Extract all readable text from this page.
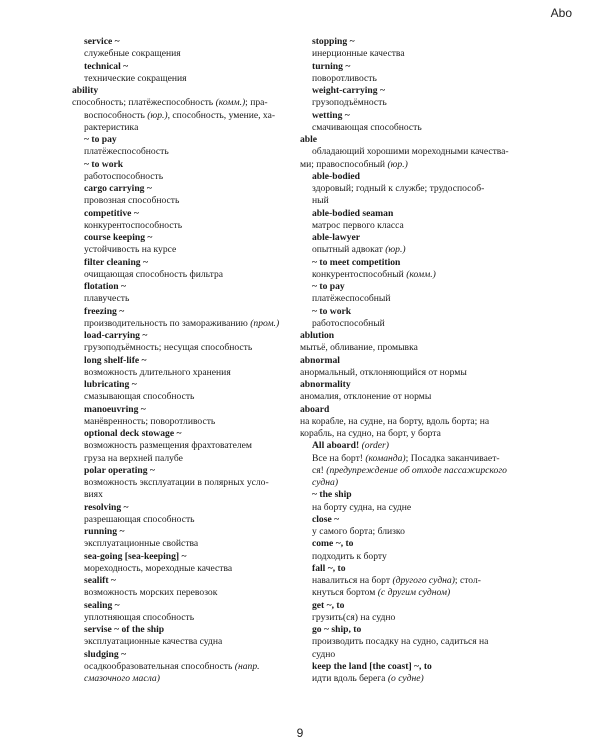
Abo

service ~

служебные сокращения

technical ~

технические сокращения

ability

способность; платёжеспособность (комм.); пра-

воспособность (юр.), способность, умение, ха-

рактеристика

~ to pay

платёжеспособность

~ to work

работоспособность

cargo carrying ~

провозная способность

competitive ~

конкурентоспособность

course keeping ~

устойчивость на курсе

filter cleaning ~

очищающая способность фильтра

flotation ~

плавучесть

freezing ~

производительность по замораживанию (пром.)

load-carrying ~

грузоподъёмность; несущая способность

long shelf-life ~

возможность длительного хранения

lubricating ~

смазывающая способность

manoeuvring ~

манёвренность; поворотливость

optional deck stowage ~

возможность размещения фрахтователем

груза на верхней палубе

polar operating ~

возможность эксплуатации в полярных усло-

виях

resolving ~

разрешающая способность

running ~

эксплуатационные свойства

sea-going [sea-keeping] ~

мореходность, мореходные качества

sealift ~

возможность морских перевозок

sealing ~

уплотняющая способность

servise ~ of the ship

эксплуатационные качества судна

sludging ~

осадкообразовательная способность (напр.

смазочного масла)

stopping ~

инерционные качества

turning ~

поворотливость

weight-carrying ~

грузоподъёмность

wetting ~

смачивающая способность

able

обладающий хорошими мореходными качества-

ми; правоспособный (юр.)

able-bodied

здоровый; годный к службе; трудоспособ-

ный

able-bodied seaman

матрос первого класса

able-lawyer

опытный адвокат (юр.)

~ to meet competition

конкурентоспособный (комм.)

~ to pay

платёжеспособный

~ to work

работоспособный

ablution

мытьё, обливание, промывка

abnormal

анормальный, отклоняющийся от нормы

abnormality

аномалия, отклонение от нормы

aboard

на корабле, на судне, на борту, вдоль борта; на

корабль, на судно, на борт, у борта

All aboard! (order)

Все на борт! (команда); Посадка заканчивает-

ся! (предупреждение об отходе пассажирского

судна)

~ the ship

на борту судна, на судне

close ~

у самого борта; близко

come ~, to

подходить к борту

fall ~, to

навалиться на борт (другого судна); стол-

кнуться бортом (с другим судном)

get ~, to

грузить(ся) на судно

go ~ ship, to

производить посадку на судно, садиться на

судно

keep the land [the coast] ~, to

идти вдоль берега (о судне)

9
